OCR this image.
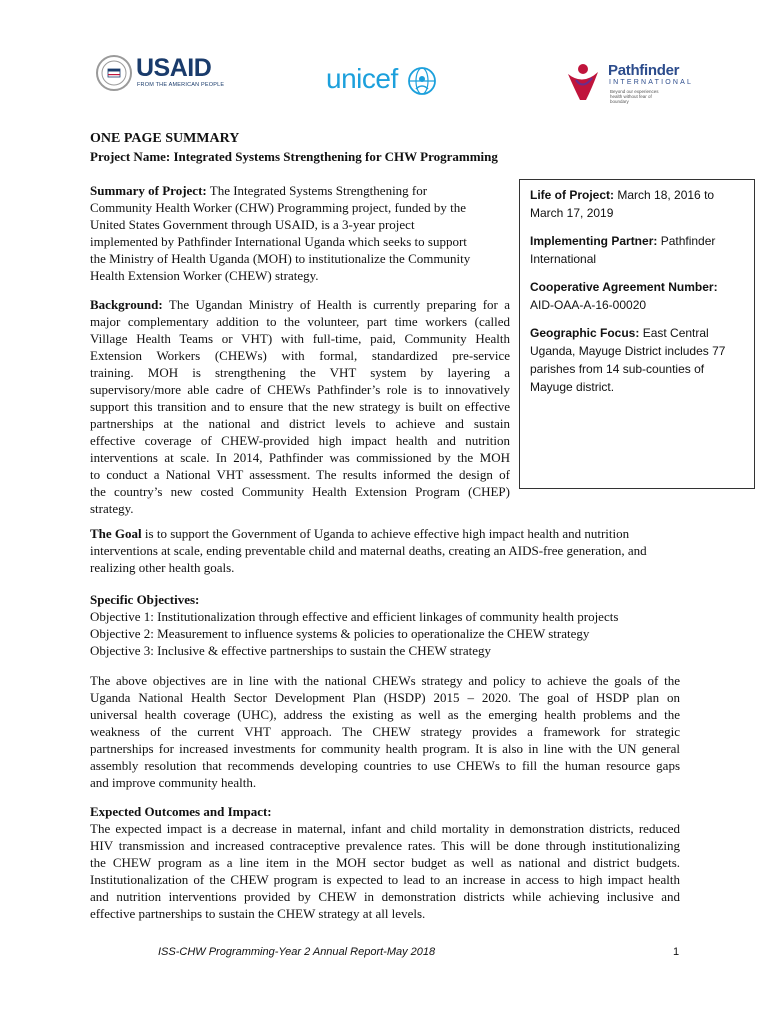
USAID
FROM THE AMERICAN PEOPLE	unicef	Pathfinder
INTERNATIONAL
Beyond our experiences health without fear of boundary
ONE PAGE SUMMARY
Project Name: Integrated Systems Strengthening for CHW Programming
Summary of Project: The Integrated Systems Strengthening for
Community Health Worker (CHW) Programming project, funded by the
United States Government through USAID, is a 3-year project
implemented by Pathfinder International Uganda which seeks to support
the Ministry of Health Uganda (MOH) to institutionalize the Community
Health Extension Worker (CHEW) strategy.
Background: The Ugandan Ministry of Health is currently preparing for a
major complementary addition to the volunteer, part time workers (called
Village Health Teams or VHT) with full-time, paid, Community Health
Extension Workers (CHEWs) with formal, standardized pre-service
training. MOH is strengthening the VHT system by layering a
supervisory/more able cadre of CHEWs Pathfinder’s role is to innovatively
support this transition and to ensure that the new strategy is built on effective
partnerships at the national and district levels to achieve and sustain
effective coverage of CHEW-provided high impact health and nutrition
interventions at scale. In 2014, Pathfinder was commissioned by the MOH
to conduct a National VHT assessment. The results informed the design of
the country’s new costed Community Health Extension Program (CHEP)
strategy.
Life of Project: March 18, 2016 to March 17, 2019
Implementing Partner: Pathfinder International
Cooperative Agreement Number:
AID-OAA-A-16-00020
Geographic Focus: East Central Uganda, Mayuge District includes 77 parishes from 14 sub-counties of Mayuge district.
The Goal is to support the Government of Uganda to achieve effective high impact health and nutrition
interventions at scale, ending preventable child and maternal deaths, creating an AIDS-free generation, and
realizing other health goals.
Specific Objectives:
Objective 1: Institutionalization through effective and efficient linkages of community health projects
Objective 2: Measurement to influence systems & policies to operationalize the CHEW strategy
Objective 3: Inclusive & effective partnerships to sustain the CHEW strategy
The above objectives are in line with the national CHEWs strategy and policy to achieve the goals of the
Uganda National Health Sector Development Plan (HSDP) 2015 – 2020. The goal of HSDP plan on
universal health coverage (UHC), address the existing as well as the emerging health problems and the
weakness of the current VHT approach. The CHEW strategy provides a framework for strategic
partnerships for increased investments for community health program. It is also in line with the UN general
assembly resolution that recommends developing countries to use CHEWs to fill the human resource gaps
and improve community health.
Expected Outcomes and Impact:
The expected impact is a decrease in maternal, infant and child mortality in demonstration districts, reduced
HIV transmission and increased contraceptive prevalence rates. This will be done through institutionalizing
the CHEW program as a line item in the MOH sector budget as well as national and district budgets.
Institutionalization of the CHEW program is expected to lead to an increase in access to high impact health
and nutrition interventions provided by CHEW in demonstration districts while achieving inclusive and
effective partnerships to sustain the CHEW strategy at all levels.
ISS-CHW Programming-Year 2 Annual Report-May 2018	1
